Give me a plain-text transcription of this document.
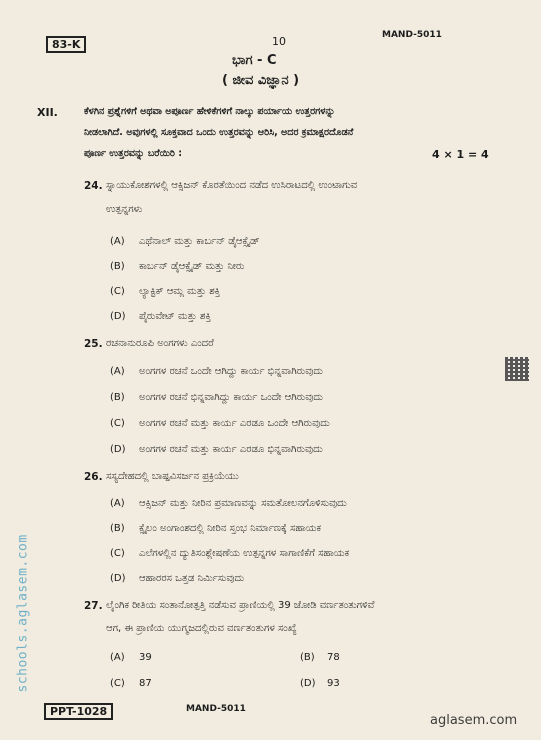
83-K	10	MAND-5011
ಭಾಗ - C
( ಜೀವ ವಿಜ್ಞಾನ )
XII.	ಕೆಳಗಿನ ಪ್ರಶ್ನೆಗಳಿಗೆ ಅಥವಾ ಅಪೂರ್ಣ ಹೇಳಿಕೆಗಳಿಗೆ ನಾಲ್ಕು ಪರ್ಯಾಯ ಉತ್ತರಗಳನ್ನು
ನೀಡಲಾಗಿದೆ. ಅವುಗಳಲ್ಲಿ ಸೂಕ್ತವಾದ ಒಂದು ಉತ್ತರವನ್ನು ಆರಿಸಿ, ಅದರ ಕ್ರಮಾಕ್ಷರದೊಡನೆ
ಪೂರ್ಣ ಉತ್ತರವನ್ನು ಬರೆಯಿರಿ :	4 × 1 = 4
24. ಸ್ನಾಯುಕೋಶಗಳಲ್ಲಿ ಆಕ್ಸಿಜನ್ ಕೊರತೆಯಿಂದ ನಡೆದ ಉಸಿರಾಟದಲ್ಲಿ ಉಂಟಾಗುವ
ಉತ್ಪನ್ನಗಳು
(A) ಎಥೆನಾಲ್ ಮತ್ತು ಕಾರ್ಬನ್ ಡೈಆಕ್ಸೈಡ್
(B) ಕಾರ್ಬನ್ ಡೈಆಕ್ಸೈಡ್ ಮತ್ತು ನೀರು
(C) ಲ್ಯಾಕ್ಟಿಕ್ ಆಮ್ಲ ಮತ್ತು ಶಕ್ತಿ
(D) ಪೈರುವೇಟ್ ಮತ್ತು ಶಕ್ತಿ
25. ರಚನಾನುರೂಪಿ ಅಂಗಗಳು ಎಂದರೆ
(A) ಅಂಗಗಳ ರಚನೆ ಒಂದೇ ಆಗಿದ್ದು ಕಾರ್ಯ ಭಿನ್ನವಾಗಿರುವುದು
(B) ಅಂಗಗಳ ರಚನೆ ಭಿನ್ನವಾಗಿದ್ದು ಕಾರ್ಯ ಒಂದೇ ಆಗಿರುವುದು
(C) ಅಂಗಗಳ ರಚನೆ ಮತ್ತು ಕಾರ್ಯ ಎರಡೂ ಒಂದೇ ಆಗಿರುವುದು
(D) ಅಂಗಗಳ ರಚನೆ ಮತ್ತು ಕಾರ್ಯ ಎರಡೂ ಭಿನ್ನವಾಗಿರುವುದು
26. ಸಸ್ಯದೇಹದಲ್ಲಿ ಬಾಷ್ಪವಿಸರ್ಜನ ಪ್ರಕ್ರಿಯೆಯು
(A) ಆಕ್ಸಿಜನ್ ಮತ್ತು ನೀರಿನ ಪ್ರಮಾಣವನ್ನು ಸಮತೋಲನಗೊಳಿಸುವುದು
(B) ಕ್ಸೈಲಂ ಅಂಗಾಂಶದಲ್ಲಿ ನೀರಿನ ಸ್ತಂಭ ನಿರ್ಮಾಣಕ್ಕೆ ಸಹಾಯಕ
(C) ಎಲೆಗಳಲ್ಲಿನ ದ್ಯುತಿಸಂಶ್ಲೇಷಣೆಯ ಉತ್ಪನ್ನಗಳ ಸಾಗಾಣಿಕೆಗೆ ಸಹಾಯಕ
(D) ಆಹಾರರಸ ಒತ್ತಡ ನಿರ್ಮಿಸುವುದು
27. ಲೈಂಗಿಕ ರೀತಿಯ ಸಂತಾನೋತ್ಪತ್ತಿ ನಡೆಸುವ ಪ್ರಾಣಿಯಲ್ಲಿ 39 ಜೋಡಿ ವರ್ಣತಂತುಗಳಿವೆ
ಆಗ, ಈ ಪ್ರಾಣಿಯ ಯುಗ್ಮಜದಲ್ಲಿರುವ ವರ್ಣತಂತುಗಳ ಸಂಖ್ಯೆ
(A) 39	(B) 78
(C) 87	(D) 93
PPT-1028	MAND-5011
aglasem.com
schools.aglasem.com
